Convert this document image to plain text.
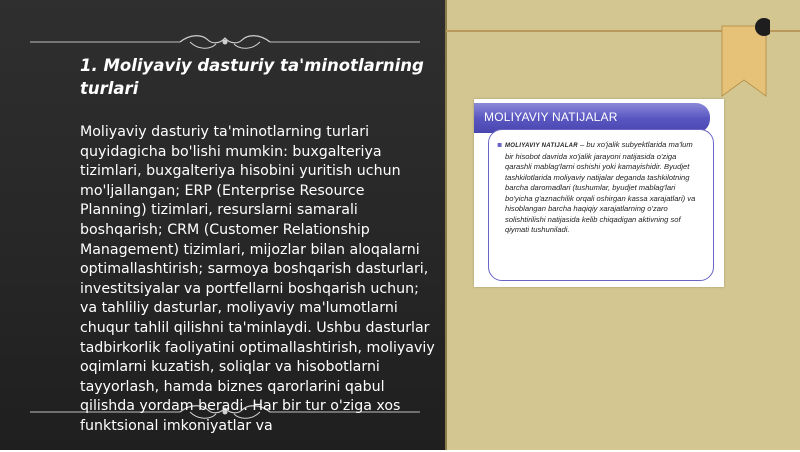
1. Moliyaviy dasturiy ta'minotlarning turlari
Moliyaviy dasturiy ta'minotlarning turlari quyidagicha bo'lishi mumkin: buxgalteriya tizimlari, buxgalteriya hisobini yuritish uchun mo'ljallangan; ERP (Enterprise Resource Planning) tizimlari, resurslarni samarali boshqarish; CRM (Customer Relationship Management) tizimlari, mijozlar bilan aloqalarni optimallashtirish; sarmoya boshqarish dasturlari, investitsiyalar va portfellarni boshqarish uchun; va tahliliy dasturlar, moliyaviy ma'lumotlarni chuqur tahlil qilishni ta'minlaydi. Ushbu dasturlar tadbirkorlik faoliyatini optimallashtirish, moliyaviy oqimlarni kuzatish, soliqlar va hisobotlarni tayyorlash, hamda biznes qarorlarini qabul qilishda yordam beradi. Har bir tur o'ziga xos funktsional imkoniyatlar va
MOLIYAVIY NATIJALAR
▪ MOLIYAVIY NATIJALAR – bu xo'jalik subyektlarida ma'lum bir hisobot davrida xo'jalik jarayoni natijasida o'ziga qarashli mablag'larni oshishi yoki kamayishidir. Byudjet tashkilotlarida moliyaviy natijalar deganda tashkilotning barcha daromadlari (tushumlar, byudjet mablag'lari bo'yicha g'aznachilik orqali oshirgan kassa xarajatlari) va hisoblangan barcha haqiqiy xarajatlarning o'zaro solishtirilishi natijasida kelib chiqadigan aktivning sof qiymati tushuniladi.
